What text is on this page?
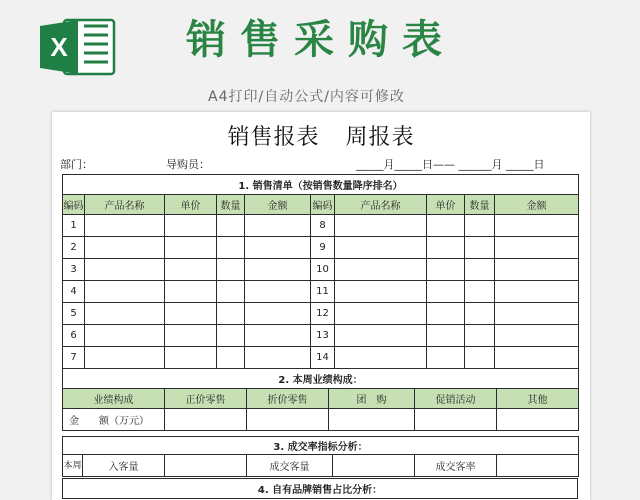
X	销售采购表
A4打印/自动公式/内容可修改
销售报表 周报表
部门：	导购员：	_____月_____日—— ______月 _____日
1. 销售清单（按销售数量降序排名）									
编码	产品名称	单价	数量	金额	编码	产品名称	单价	数量	金额
1					8				
2					9				
3					10				
4					11				
5					12				
6					13				
7					14				
2. 本周业绩构成：					
业绩构成	正价零售	折价零售	团　购	促销活动	其他
金　　额（万元）					
3. 成交率指标分析：
本周	入客量		成交客量		成交客率	
4. 自有品牌销售占比分析：
